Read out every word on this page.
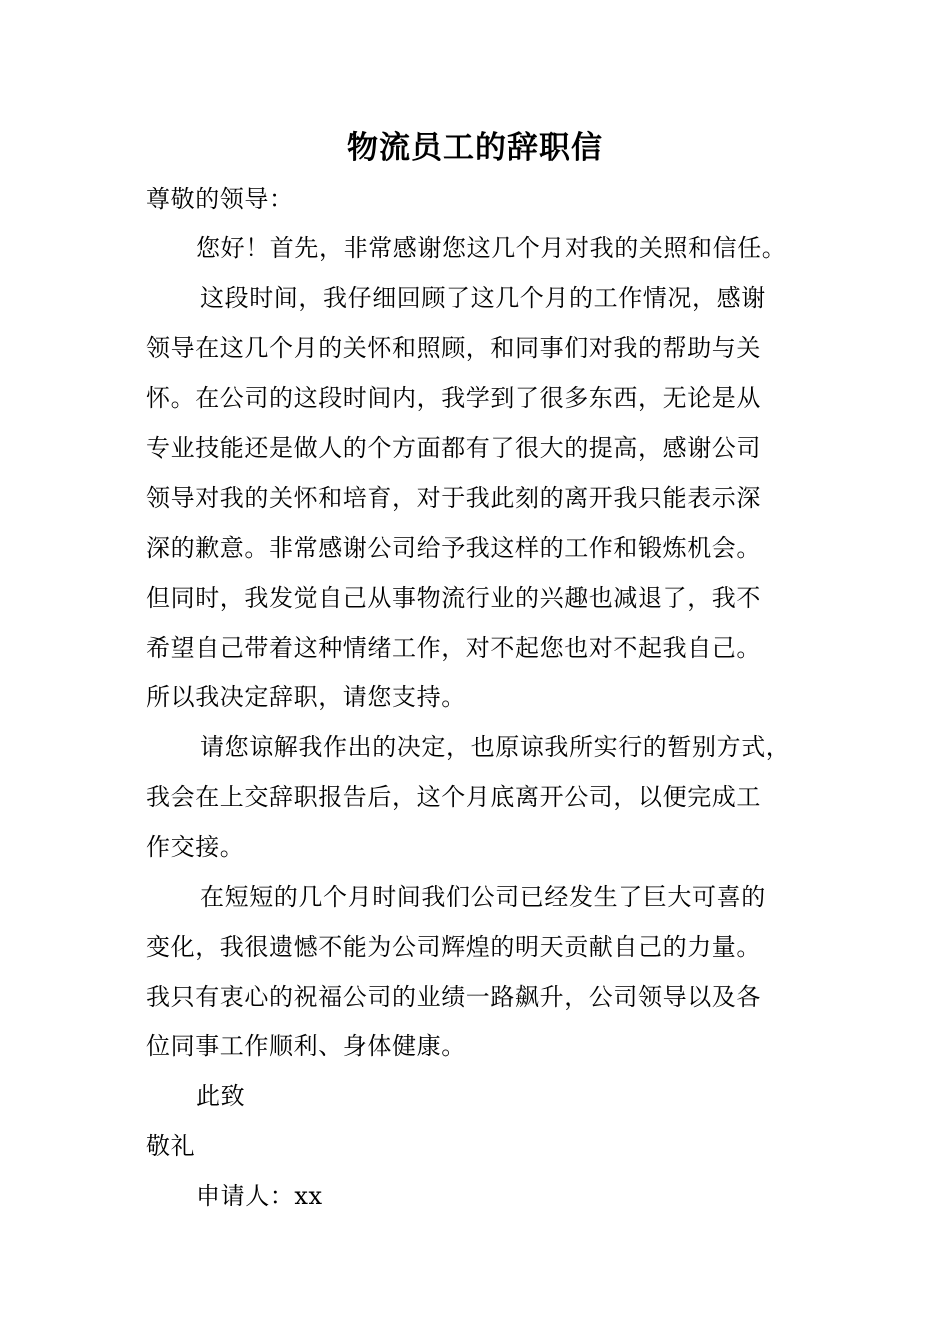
物流员工的辞职信

尊敬的领导：

您好！首先，非常感谢您这几个月对我的关照和信任。

这段时间，我仔细回顾了这几个月的工作情况，感谢

领导在这几个月的关怀和照顾，和同事们对我的帮助与关

怀。在公司的这段时间内，我学到了很多东西，无论是从

专业技能还是做人的个方面都有了很大的提高，感谢公司

领导对我的关怀和培育，对于我此刻的离开我只能表示深

深的歉意。非常感谢公司给予我这样的工作和锻炼机会。

但同时，我发觉自己从事物流行业的兴趣也减退了，我不

希望自己带着这种情绪工作，对不起您也对不起我自己。

所以我决定辞职，请您支持。

请您谅解我作出的决定，也原谅我所实行的暂别方式，

我会在上交辞职报告后，这个月底离开公司，以便完成工

作交接。

在短短的几个月时间我们公司已经发生了巨大可喜的

变化，我很遗憾不能为公司辉煌的明天贡献自己的力量。

我只有衷心的祝福公司的业绩一路飙升，公司领导以及各

位同事工作顺利、身体健康。

此致

敬礼

申请人：xx
